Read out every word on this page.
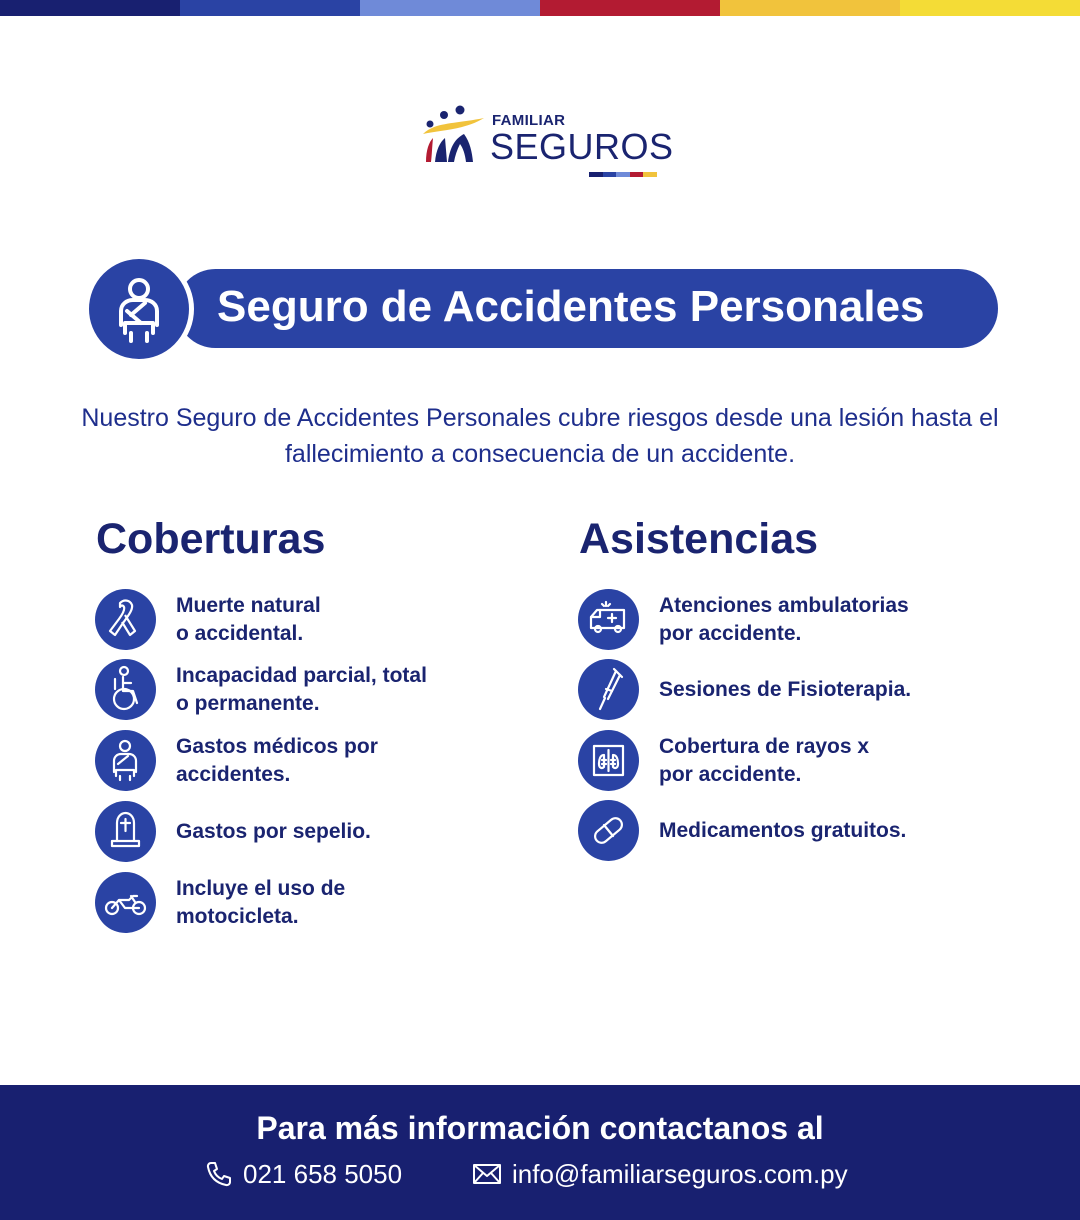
FAMILIAR
SEGUROS
Seguro de Accidentes Personales
Nuestro Seguro de Accidentes Personales cubre riesgos desde una lesión hasta el fallecimiento a consecuencia de un accidente.
Coberturas	Asistencias
Muerte natural
o accidental.
Incapacidad parcial, total
o permanente.
Gastos médicos por
accidentes.
Gastos por sepelio.
Incluye el uso de
motocicleta.
Atenciones ambulatorias
por accidente.
Sesiones de Fisioterapia.
Cobertura de rayos x
por accidente.
Medicamentos gratuitos.
Para más información contactanos al
021 658 5050	info@familiarseguros.com.py
